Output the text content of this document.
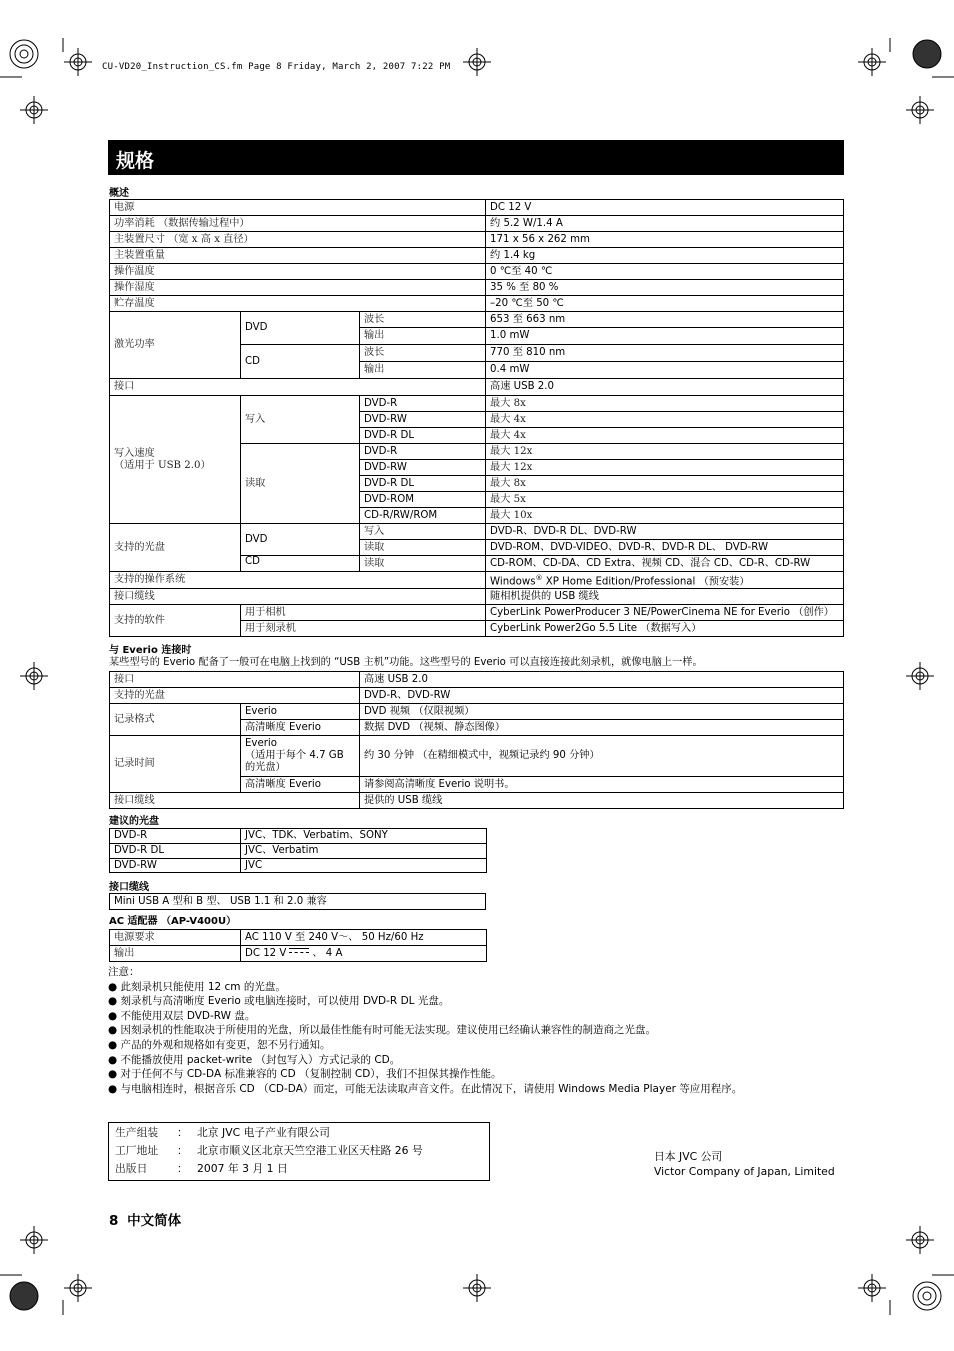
CU-VD20_Instruction_CS.fm Page 8 Friday, March 2, 2007 7:22 PM
规格
概述
电源			DC 12 V
功率消耗 （数据传输过程中）			约 5.2 W/1.4 A
主装置尺寸 （宽 x 高 x 直径）			171 x 56 x 262 mm
主装置重量			约 1.4 kg
操作温度			0 ℃至 40 ℃
操作湿度			35 % 至 80 %
贮存温度			–20 ℃至 50 ℃
激光功率	DVD	波长	653 至 663 nm
		输出	1.0 mW
	CD	波长	770 至 810 nm
		输出	0.4 mW
接口			高速 USB 2.0
写入速度
（适用于 USB 2.0）	写入	DVD-R	最大 8x
		DVD-RW	最大 4x
		DVD-R DL	最大 4x
	读取	DVD-R	最大 12x
		DVD-RW	最大 12x
		DVD-R DL	最大 8x
		DVD-ROM	最大 5x
		CD-R/RW/ROM	最大 10x
支持的光盘	DVD	写入	DVD-R、DVD-R DL、DVD-RW
		读取	DVD-ROM、DVD-VIDEO、DVD-R、DVD-R DL、 DVD-RW
	CD	读取	CD-ROM、CD-DA、CD Extra、视频 CD、混合 CD、CD-R、CD-RW
支持的操作系统			Windows® XP Home Edition/Professional （预安装）
接口缆线			随相机提供的 USB 缆线
支持的软件	用于相机		CyberLink PowerProducer 3 NE/PowerCinema NE for Everio （创作）
	用于刻录机		CyberLink Power2Go 5.5 Lite （数据写入）
与 Everio 连接时
某些型号的 Everio 配备了一般可在电脑上找到的 “USB 主机”功能。这些型号的 Everio 可以直接连接此刻录机，就像电脑上一样。
接口		高速 USB 2.0
支持的光盘		DVD-R、DVD-RW
记录格式	Everio	DVD 视频 （仅限视频）
	高清晰度 Everio	数据 DVD （视频、静态图像）
记录时间	Everio
（适用于每个 4.7 GB
的光盘）	约 30 分钟 （在精细模式中，视频记录约 90 分钟）
	高清晰度 Everio	请参阅高清晰度 Everio 说明书。
接口缆线		提供的 USB 缆线
建议的光盘
DVD-R	JVC、TDK、Verbatim、SONY
DVD-R DL	JVC、Verbatim
DVD-RW	JVC
接口缆线
Mini USB A 型和 B 型、 USB 1.1 和 2.0 兼容
AC 适配器 （AP-V400U）
电源要求	AC 110 V 至 240 V～、 50 Hz/60 Hz
输出	DC 12 V 、 4 A
注意：
● 此刻录机只能使用 12 cm 的光盘。
● 刻录机与高清晰度 Everio 或电脑连接时，可以使用 DVD-R DL 光盘。
● 不能使用双层 DVD-RW 盘。
● 因刻录机的性能取决于所使用的光盘，所以最佳性能有时可能无法实现。建议使用已经确认兼容性的制造商之光盘。
● 产品的外观和规格如有变更，恕不另行通知。
● 不能播放使用 packet-write （封包写入）方式记录的 CD。
● 对于任何不与 CD-DA 标准兼容的 CD （复制控制 CD），我们不担保其操作性能。
● 与电脑相连时，根据音乐 CD （CD-DA）而定，可能无法读取声音文件。在此情况下，请使用 Windows Media Player 等应用程序。
生产组装 ： 北京 JVC 电子产业有限公司
工厂地址 ： 北京市顺义区北京天竺空港工业区天柱路 26 号
出版日	： 2007 年 3 月 1 日
日本 JVC 公司
Victor Company of Japan, Limited
8 中文简体
